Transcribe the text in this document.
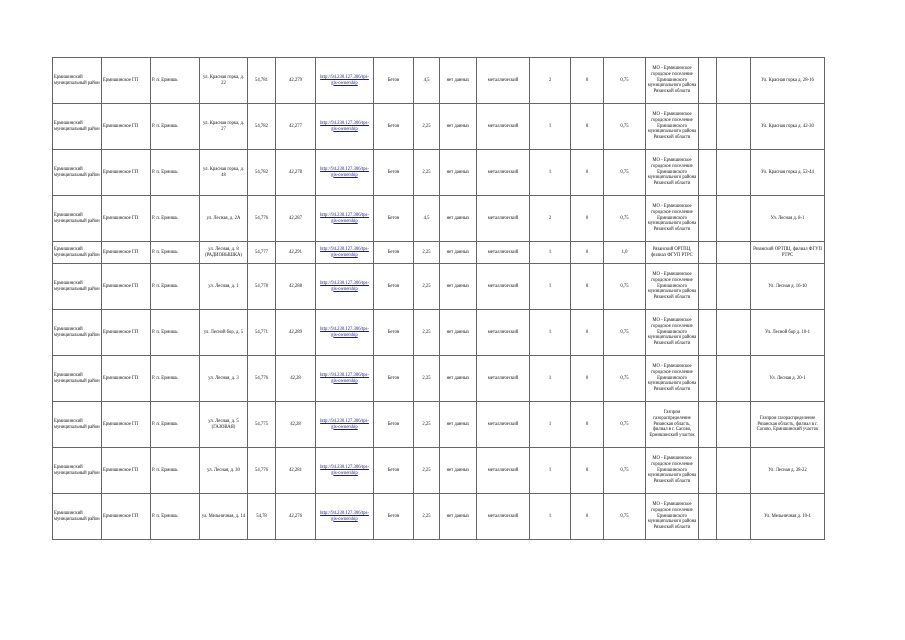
Ермишинский муниципальный район	Ермишинское ГП	Р. п. Ермишь	ул. Красная горка, д. 22	54,781	42,279	http://94.230.127.306/tps-gis-ownership	Бетон	4,5	нет данных	металлический	2	0	0,75	МО - Ермишинское городское поселение Ермишинского муниципального района Рязанской области			Ул. Красная горка д. 28-16
Ермишинский муниципальный район	Ермишинское ГП	Р. п. Ермишь	ул. Красная горка, д. 27	54,782	42,277	http://94.230.127.306/tps-gis-ownership	Бетон	2,25	нет данных	металлический	1	0	0,75	МО - Ермишинское городское поселение Ермишинского муниципального района Рязанской области			Ул. Красная горка д. 42-30
Ермишинский муниципальный район	Ермишинское ГП	Р. п. Ермишь	ул. Красная горка, д. 48	54,782	42,278	http://94.230.127.306/tps-gis-ownership	Бетон	2,25	нет данных	металлический	1	0	0,75	МО - Ермишинское городское поселение Ермишинского муниципального района Рязанской области			Ул. Красная горка д. 52-44
Ермишинский муниципальный район	Ермишинское ГП	Р. п. Ермишь	ул. Лесная, д. 2А	54,776	42,287	http://94.230.127.306/tps-gis-ownership	Бетон	4,5	нет данных	металлический	2	0	0,75	МО - Ермишинское городское поселение Ермишинского муниципального района Рязанской области			Ул. Лесная д. 8-1
Ермишинский муниципальный район	Ермишинское ГП	Р. п. Ермишь	ул. Лесная, д. 8 (РАДИОВЫШКА)	54,777	42,291	http://94.230.127.306/tps-gis-ownership	Бетон	2,25	нет данных	металлический	1	0	1,0	Рязанский ОРТПЦ, филиал ФГУП РТРС			Рязанский ОРТПЦ, филиал ФГУП РТРС
Ермишинский муниципальный район	Ермишинское ГП	Р. п. Ермишь	ул. Лесная, д. 1	54,778	42,288	http://94.230.127.306/tps-gis-ownership	Бетон	2,25	нет данных	металлический	1	0	0,75	МО - Ермишинское городское поселение Ермишинского муниципального района Рязанской области			Ул. Лесная д. 16-10
Ермишинский муниципальный район	Ермишинское ГП	Р. п. Ермишь	ул. Лесной бор, д. 5	54,771	42,289	http://94.230.127.306/tps-gis-ownership	Бетон	2,25	нет данных	металлический	1	0	0,75	МО - Ермишинское городское поселение Ермишинского муниципального района Рязанской области			Ул. Лесной бор д. 10-1
Ермишинский муниципальный район	Ермишинское ГП	Р. п. Ермишь	ул. Лесная, д. 3	54,776	42,28	http://94.230.127.306/tps-gis-ownership	Бетон	2,25	нет данных	металлический	1	0	0,75	МО - Ермишинское городское поселение Ермишинского муниципального района Рязанской области			Ул. Лесная д. 20-1
Ермишинский муниципальный район	Ермишинское ГП	Р. п. Ермишь	ул. Лесная, д. 5 (ГАЗОВАЯ)	54,775	42,28	http://94.230.127.306/tps-gis-ownership	Бетон	2,25	нет данных	металлический	1	0	0,75	Газпром газораспределение Рязанская область, филиал в г. Сасово, Ермишинский участок			Газпром газораспределение Рязанская область, филиал в г. Сасово, Ермишинский участок
Ермишинский муниципальный район	Ермишинское ГП	Р. п. Ермишь	ул. Лесная, д. 30	54,776	42,281	http://94.230.127.306/tps-gis-ownership	Бетон	2,25	нет данных	металлический	1	0	0,75	МО - Ермишинское городское поселение Ермишинского муниципального района Рязанской области			Ул. Лесная д. 38-22
Ермишинский муниципальный район	Ермишинское ГП	Р. п. Ермишь	ул. Мельничная, д. 14	54,78	42,276	http://94.230.127.306/tps-gis-ownership	Бетон	2,25	нет данных	металлический	1	0	0,75	МО - Ермишинское городское поселение Ермишинского муниципального района Рязанской области			Ул. Мельничная д. 10-1
